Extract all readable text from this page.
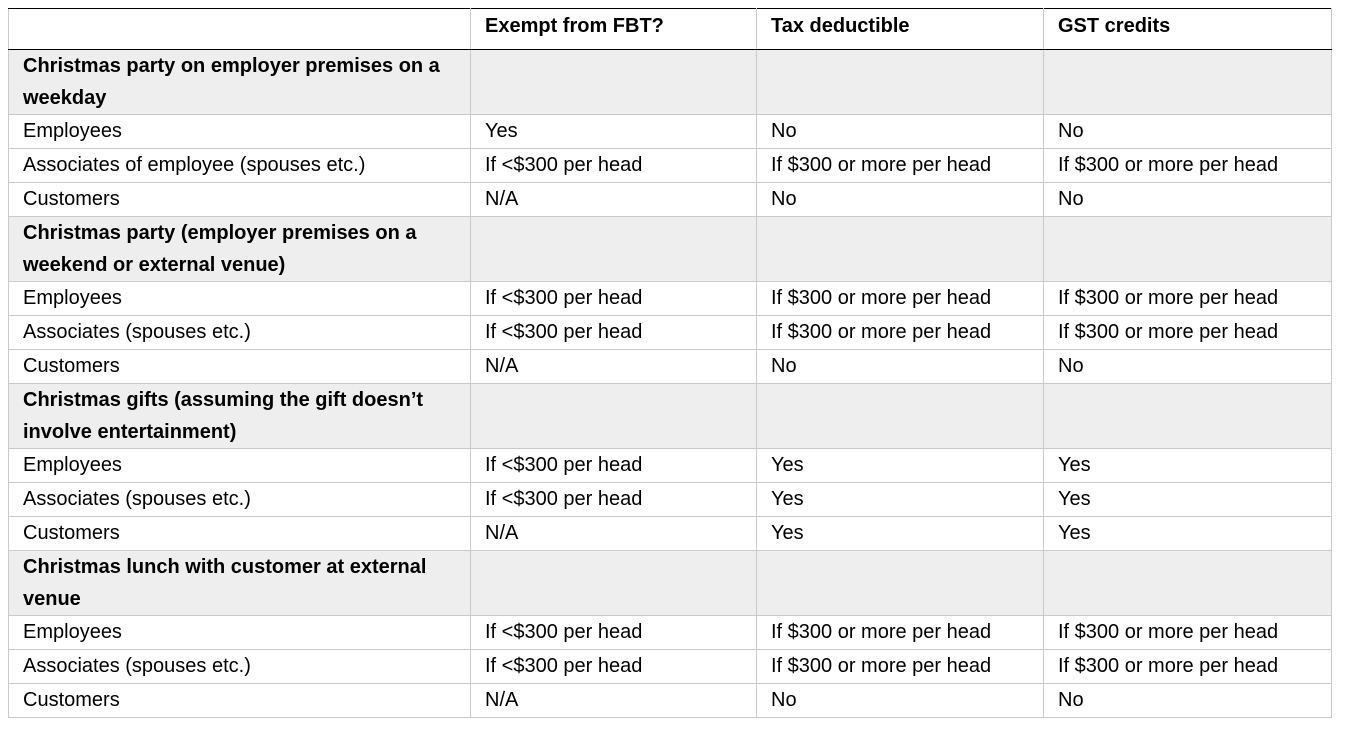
	Exempt from FBT?	Tax deductible	GST credits
Christmas party on employer premises on a weekday			
Employees	Yes	No	No
Associates of employee (spouses etc.)	If <$300 per head	If $300 or more per head	If $300 or more per head
Customers	N/A	No	No
Christmas party (employer premises on a weekend or external venue)			
Employees	If <$300 per head	If $300 or more per head	If $300 or more per head
Associates (spouses etc.)	If <$300 per head	If $300 or more per head	If $300 or more per head
Customers	N/A	No	No
Christmas gifts (assuming the gift doesn’t involve entertainment)			
Employees	If <$300 per head	Yes	Yes
Associates (spouses etc.)	If <$300 per head	Yes	Yes
Customers	N/A	Yes	Yes
Christmas lunch with customer at external venue			
Employees	If <$300 per head	If $300 or more per head	If $300 or more per head
Associates (spouses etc.)	If <$300 per head	If $300 or more per head	If $300 or more per head
Customers	N/A	No	No
